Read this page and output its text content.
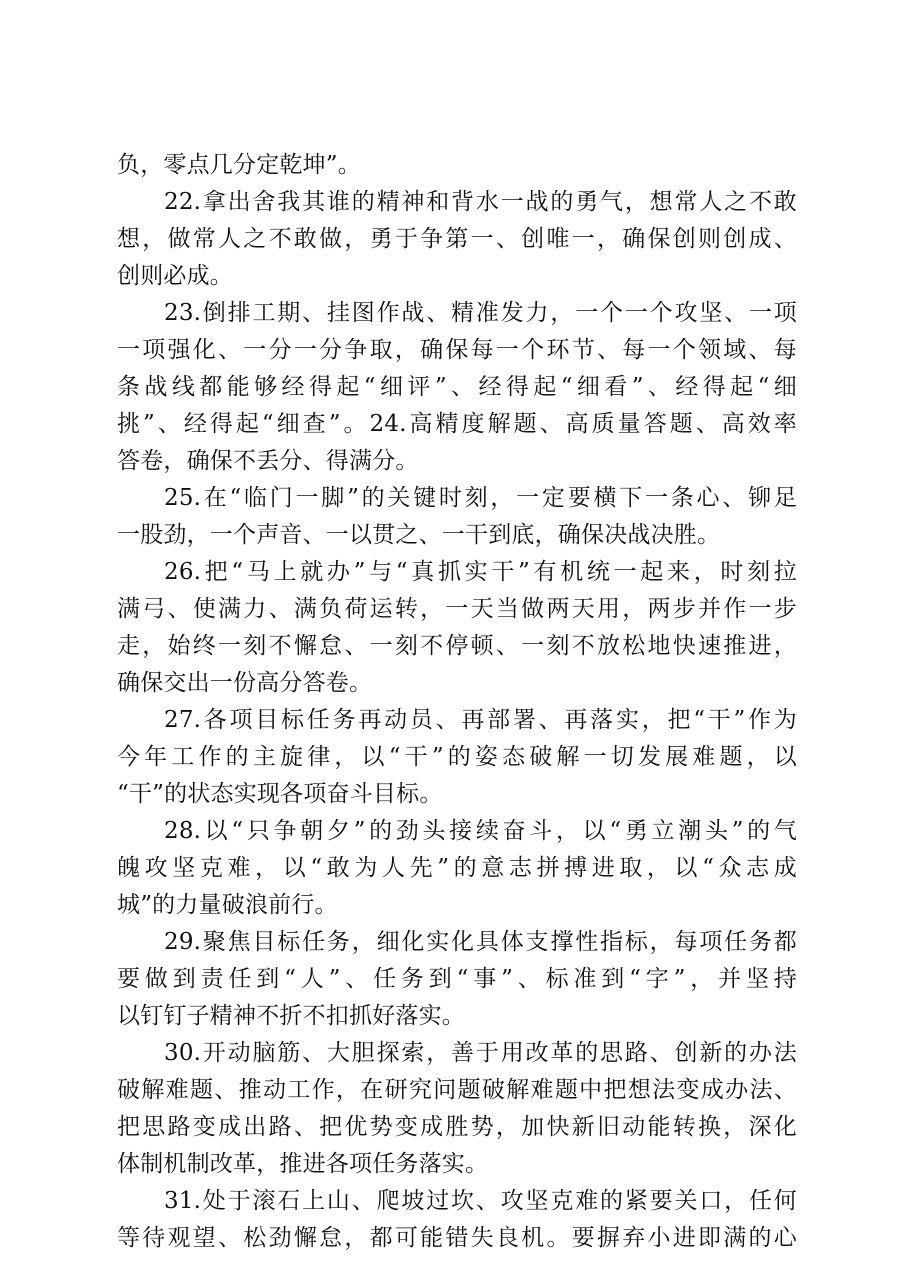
负，零点几分定乾坤”。
22.拿出舍我其谁的精神和背水一战的勇气，想常人之不敢
想，做常人之不敢做，勇于争第一、创唯一，确保创则创成、
创则必成。
23.倒排工期、挂图作战、精准发力，一个一个攻坚、一项
一项强化、一分一分争取，确保每一个环节、每一个领域、每
条战线都能够经得起“细评”、经得起“细看”、经得起“细
挑”、经得起“细查”。24.高精度解题、高质量答题、高效率
答卷，确保不丢分、得满分。
25.在“临门一脚”的关键时刻，一定要横下一条心、铆足
一股劲，一个声音、一以贯之、一干到底，确保决战决胜。
26.把“马上就办”与“真抓实干”有机统一起来，时刻拉
满弓、使满力、满负荷运转，一天当做两天用，两步并作一步
走，始终一刻不懈怠、一刻不停顿、一刻不放松地快速推进，
确保交出一份高分答卷。
27.各项目标任务再动员、再部署、再落实，把“干”作为
今年工作的主旋律，以“干”的姿态破解一切发展难题，以
“干”的状态实现各项奋斗目标。
28.以“只争朝夕”的劲头接续奋斗，以“勇立潮头”的气
魄攻坚克难，以“敢为人先”的意志拼搏进取，以“众志成
城”的力量破浪前行。
29.聚焦目标任务，细化实化具体支撑性指标，每项任务都
要做到责任到“人”、任务到“事”、标准到“字”，并坚持
以钉钉子精神不折不扣抓好落实。
30.开动脑筋、大胆探索，善于用改革的思路、创新的办法
破解难题、推动工作，在研究问题破解难题中把想法变成办法、
把思路变成出路、把优势变成胜势，加快新旧动能转换，深化
体制机制改革，推进各项任务落实。
31.处于滚石上山、爬坡过坎、攻坚克难的紧要关口，任何
等待观望、松劲懈怠，都可能错失良机。要摒弃小进即满的心
